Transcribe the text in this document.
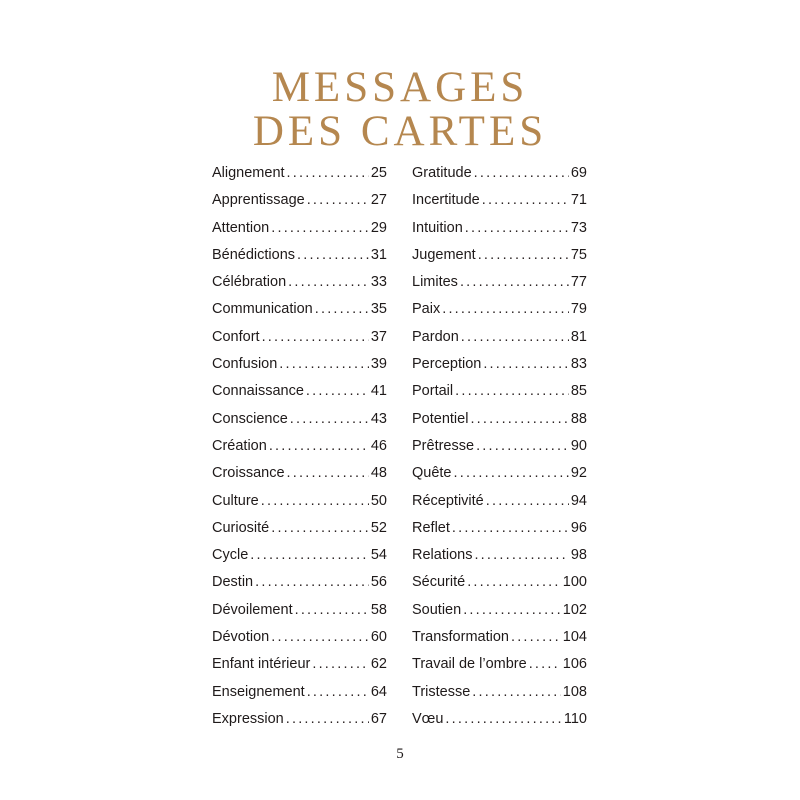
MESSAGES
DES CARTES
Alignement .....	25
Apprentissage .....	27
Attention .....	29
Bénédictions .....	31
Célébration .....	33
Communication .....	35
Confort .....	37
Confusion .....	39
Connaissance .....	41
Conscience .....	43
Création .....	46
Croissance .....	48
Culture .....	50
Curiosité .....	52
Cycle .....	54
Destin .....	56
Dévoilement .....	58
Dévotion .....	60
Enfant intérieur .....	62
Enseignement .....	64
Expression .....	67
Gratitude .....	69
Incertitude .....	71
Intuition .....	73
Jugement .....	75
Limites .....	77
Paix .....	79
Pardon .....	81
Perception .....	83
Portail .....	85
Potentiel .....	88
Prêtresse .....	90
Quête .....	92
Réceptivité .....	94
Reflet .....	96
Relations .....	98
Sécurité .....	100
Soutien .....	102
Transformation .....	104
Travail de l’ombre ..... 106
Tristesse .....	108
Vœu .....	110
5
